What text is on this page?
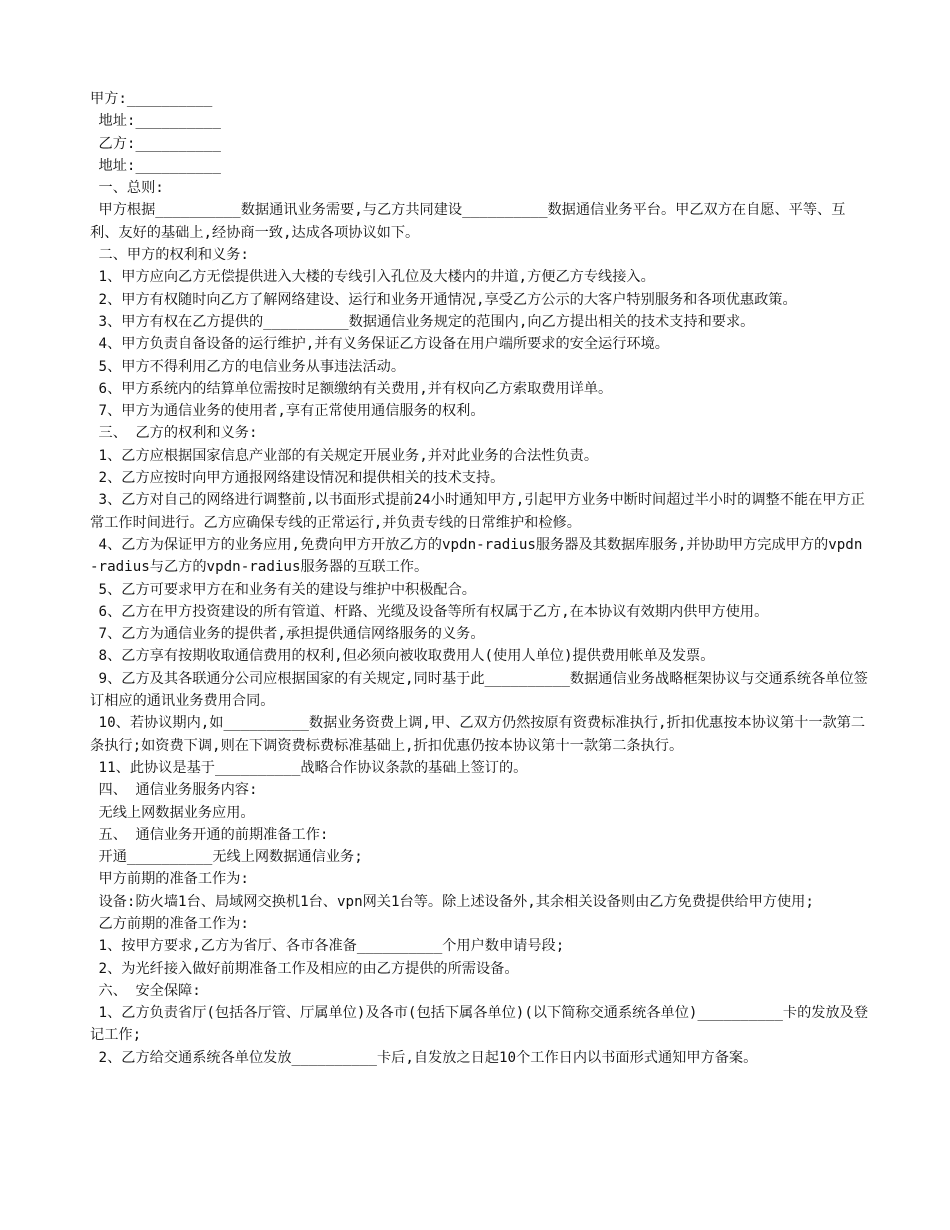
甲方:__________

地址:__________

乙方:__________

地址:__________

一、总则:

甲方根据__________数据通讯业务需要,与乙方共同建设__________数据通信业务平台。甲乙双方在自愿、平等、互利、友好的基础上,经协商一致,达成各项协议如下。

二、甲方的权利和义务:

1、甲方应向乙方无偿提供进入大楼的专线引入孔位及大楼内的井道,方便乙方专线接入。

2、甲方有权随时向乙方了解网络建设、运行和业务开通情况,享受乙方公示的大客户特别服务和各项优惠政策。

3、甲方有权在乙方提供的__________数据通信业务规定的范围内,向乙方提出相关的技术支持和要求。

4、甲方负责自备设备的运行维护,并有义务保证乙方设备在用户端所要求的安全运行环境。

5、甲方不得利用乙方的电信业务从事违法活动。

6、甲方系统内的结算单位需按时足额缴纳有关费用,并有权向乙方索取费用详单。

7、甲方为通信业务的使用者,享有正常使用通信服务的权利。

三、 乙方的权利和义务:

1、乙方应根据国家信息产业部的有关规定开展业务,并对此业务的合法性负责。

2、乙方应按时向甲方通报网络建设情况和提供相关的技术支持。

3、乙方对自己的网络进行调整前,以书面形式提前24小时通知甲方,引起甲方业务中断时间超过半小时的调整不能在甲方正常工作时间进行。乙方应确保专线的正常运行,并负责专线的日常维护和检修。

4、乙方为保证甲方的业务应用,免费向甲方开放乙方的vpdn-radius服务器及其数据库服务,并协助甲方完成甲方的vpdn-radius与乙方的vpdn-radius服务器的互联工作。

5、乙方可要求甲方在和业务有关的建设与维护中积极配合。

6、乙方在甲方投资建设的所有管道、杆路、光缆及设备等所有权属于乙方,在本协议有效期内供甲方使用。

7、乙方为通信业务的提供者,承担提供通信网络服务的义务。

8、乙方享有按期收取通信费用的权利,但必须向被收取费用人(使用人单位)提供费用帐单及发票。

9、乙方及其各联通分公司应根据国家的有关规定,同时基于此__________数据通信业务战略框架协议与交通系统各单位签订相应的通讯业务费用合同。

10、若协议期内,如__________数据业务资费上调,甲、乙双方仍然按原有资费标准执行,折扣优惠按本协议第十一款第二条执行;如资费下调,则在下调资费标费标准基础上,折扣优惠仍按本协议第十一款第二条执行。

11、此协议是基于__________战略合作协议条款的基础上签订的。

四、 通信业务服务内容:

无线上网数据业务应用。

五、 通信业务开通的前期准备工作:

开通__________无线上网数据通信业务;

甲方前期的准备工作为:

设备:防火墙1台、局域网交换机1台、vpn网关1台等。除上述设备外,其余相关设备则由乙方免费提供给甲方使用;

乙方前期的准备工作为:

1、按甲方要求,乙方为省厅、各市各准备__________个用户数申请号段;

2、为光纤接入做好前期准备工作及相应的由乙方提供的所需设备。

六、 安全保障:

1、乙方负责省厅(包括各厅管、厅属单位)及各市(包括下属各单位)(以下简称交通系统各单位)__________卡的发放及登记工作;

2、乙方给交通系统各单位发放__________卡后,自发放之日起10个工作日内以书面形式通知甲方备案。
